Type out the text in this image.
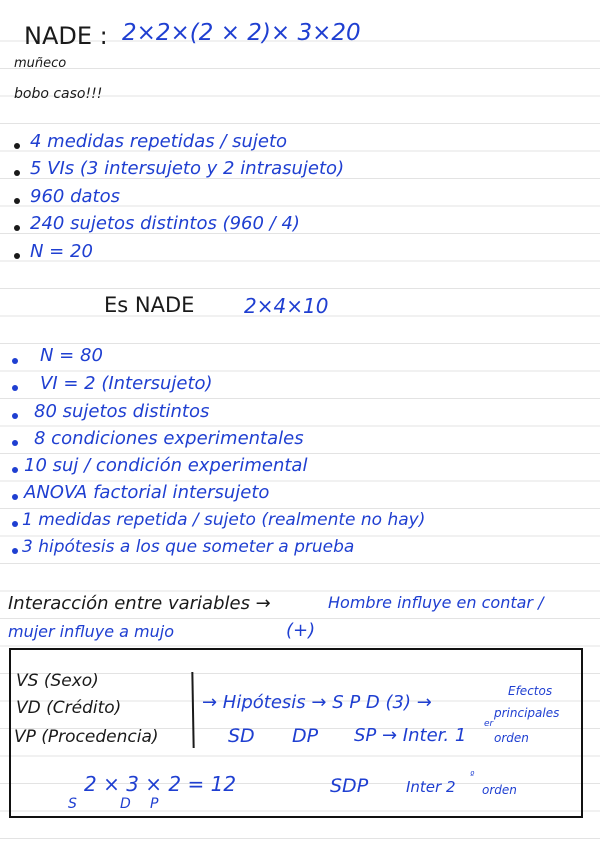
NADE : 2×2×(2 × 2)× 3×20
muñeco
bobo caso!!!
4 medidas repetidas / sujeto
5 VIs (3 intersujeto y 2 intrasujeto)
960 datos
240 sujetos distintos (960 / 4)
N = 20
Es NADE 2×4×10
N = 80
VI = 2 (Intersujeto)
80 sujetos distintos
8 condiciones experimentales
10 suj / condición experimental
ANOVA factorial intersujeto
1 medidas repetida / sujeto (realmente no hay)
3 hipótesis a los que someter a prueba
Interacción entre variables →	Hombre influye en contar /
mujer influye a mujo	(+)
VS (Sexo)
VD (Crédito)
VP (Procedencia)
→ Hipótesis → S P D (3) →
Efectos
principales
SD DP SP → Inter. 1
er
orden
2 × 3 × 2 = 12
S	D P
SDP	Inter 2
º
orden
